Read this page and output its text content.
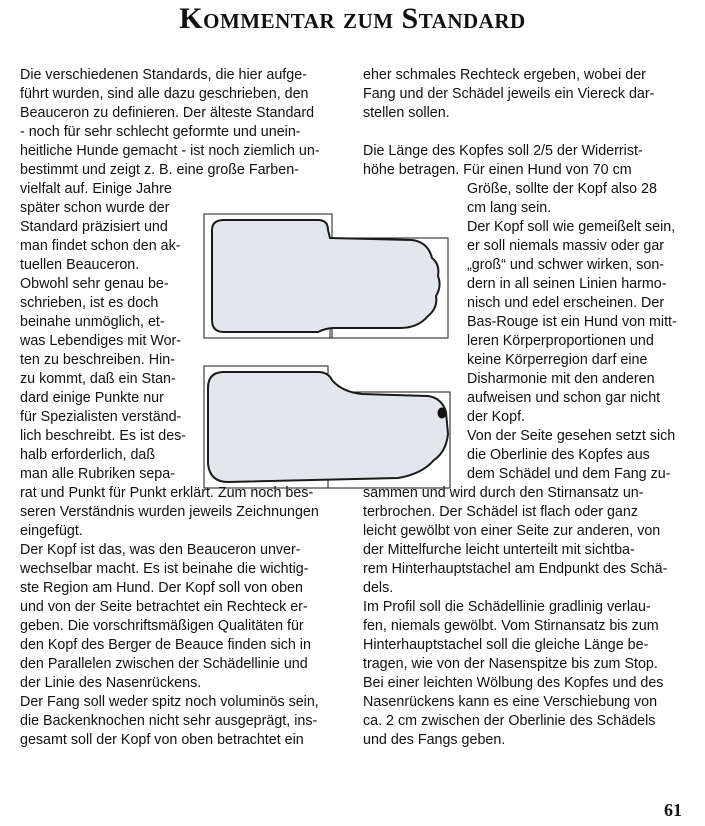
Kommentar zum Standard

Die verschiedenen Standards, die hier aufge-

führt wurden, sind alle dazu geschrieben, den

Beauceron zu definieren. Der älteste Standard

- noch für sehr schlecht geformte und unein-

heitliche Hunde gemacht - ist noch ziemlich un-

bestimmt und zeigt z. B. eine große Farben-

vielfalt auf. Einige Jahre

später schon wurde der

Standard präzisiert und

man findet schon den ak-

tuellen Beauceron.

Obwohl sehr genau be-

schrieben, ist es doch

beinahe unmöglich, et-

was Lebendiges mit Wor-

ten zu beschreiben. Hin-

zu kommt, daß ein Stan-

dard einige Punkte nur

für Spezialisten verständ-

lich beschreibt. Es ist des-

halb erforderlich, daß

man alle Rubriken sepa-

rat und Punkt für Punkt erklärt. Zum noch bes-

seren Verständnis wurden jeweils Zeichnungen

eingefügt.

Der Kopf ist das, was den Beauceron unver-

wechselbar macht. Es ist beinahe die wichtig-

ste Region am Hund. Der Kopf soll von oben

und von der Seite betrachtet ein Rechteck er-

geben. Die vorschriftsmäßigen Qualitäten für

den Kopf des Berger de Beauce finden sich in

den Parallelen zwischen der Schädellinie und

der Linie des Nasenrückens.

Der Fang soll weder spitz noch voluminös sein,

die Backenknochen nicht sehr ausgeprägt, ins-

gesamt soll der Kopf von oben betrachtet ein

eher schmales Rechteck ergeben, wobei der

Fang und der Schädel jeweils ein Viereck dar-

stellen sollen.

Die Länge des Kopfes soll 2/5 der Widerrist-

höhe betragen. Für einen Hund von 70 cm

Größe, sollte der Kopf also 28

cm lang sein.

Der Kopf soll wie gemeißelt sein,

er soll niemals massiv oder gar

„groß“ und schwer wirken, son-

dern in all seinen Linien harmo-

nisch und edel erscheinen. Der

Bas-Rouge ist ein Hund von mitt-

leren Körperproportionen und

keine Körperregion darf eine

Disharmonie mit den anderen

aufweisen und schon gar nicht

der Kopf.

Von der Seite gesehen setzt sich

die Oberlinie des Kopfes aus

dem Schädel und dem Fang zu-

sammen und wird durch den Stirnansatz un-

terbrochen. Der Schädel ist flach oder ganz

leicht gewölbt von einer Seite zur anderen, von

der Mittelfurche leicht unterteilt mit sichtba-

rem Hinterhauptstachel am Endpunkt des Schä-

dels.

Im Profil soll die Schädellinie gradlinig verlau-

fen, niemals gewölbt. Vom Stirnansatz bis zum

Hinterhauptstachel soll die gleiche Länge be-

tragen, wie von der Nasenspitze bis zum Stop.

Bei einer leichten Wölbung des Kopfes und des

Nasenrückens kann es eine Verschiebung von

ca. 2 cm zwischen der Oberlinie des Schädels

und des Fangs geben.

61
